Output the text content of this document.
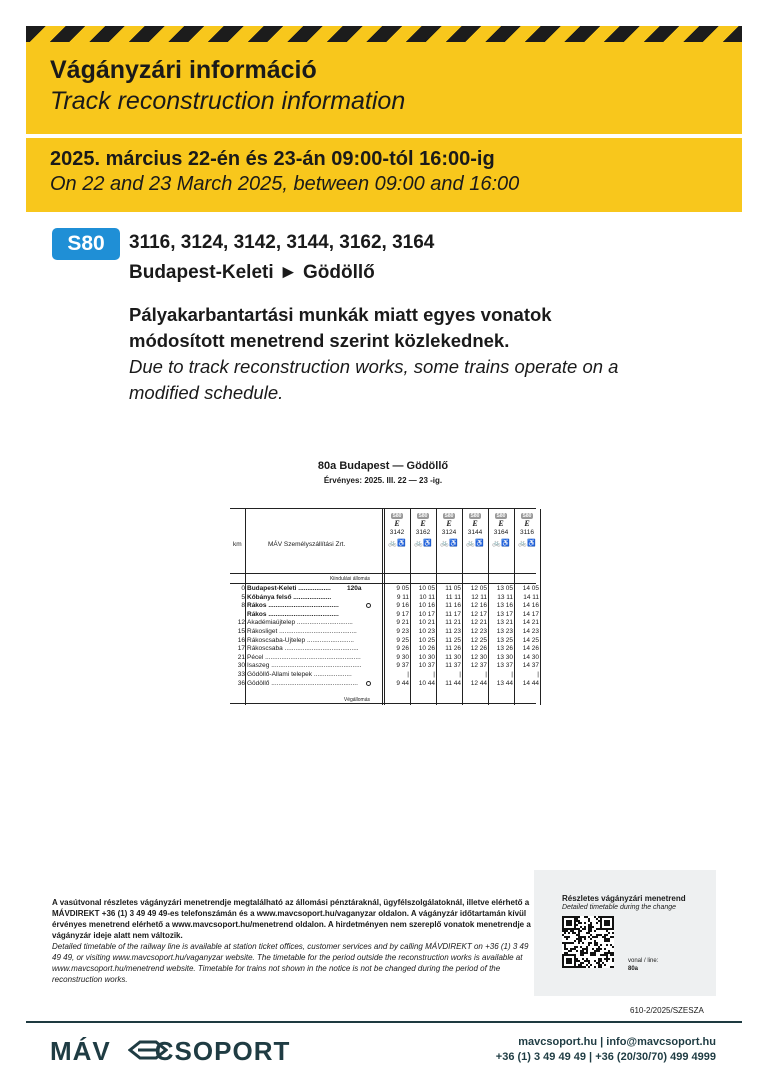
Vágányzári információ
Track reconstruction information
2025. március 22-én és 23-án 09:00-tól 16:00-ig
On 22 and 23 March 2025, between 09:00 and 16:00
S80	3116, 3124, 3142, 3144, 3162, 3164
Budapest-Keleti ► Gödöllő
Pályakarbantartási munkák miatt egyes vonatok módosított menetrend szerint közlekednek.
Due to track reconstruction works, some trains operate on a modified schedule.
80a Budapest — Gödöllő
Érvényes: 2025. III. 22 — 23 -ig.
km	MÁV Személyszállítási Zrt.
Kiindulási állomás
Végállomás
S80
E
3142
🚲♿
S80
E
3162
🚲♿
S80
E
3124
🚲♿
S80
E
3144
🚲♿
S80
E
3164
🚲♿
S80
E
3116
🚲♿
0 Budapest-Keleti ..................	120a	9 05	10 05	11 05	12 05	13 05	14 05
5 Kőbánya felső .....................	9 11	10 11	11 11	12 11	13 11	14 11
8 Rákos .......................................	9 16	10 16	11 16	12 16	13 16	14 16
Rákos .......................................	9 17	10 17	11 17	12 17	13 17	14 17
12 Akadémiaújtelep ...............................	9 21	10 21	11 21	12 21	13 21	14 21
15 Rákosliget ...........................................	9 23	10 23	11 23	12 23	13 23	14 23
16 Rákoscsaba-Újtelep ..........................	9 25	10 25	11 25	12 25	13 25	14 25
17 Rákoscsaba .........................................	9 26	10 26	11 26	12 26	13 26	14 26
21 Pécel .....................................................	9 30	10 30	11 30	12 30	13 30	14 30
30 Isaszeg ..................................................	9 37	10 37	11 37	12 37	13 37	14 37
33 Gödöllő-Állami telepek .....................	|	|	|	|	|	|
36 Gödöllő ................................................	9 44	10 44	11 44	12 44	13 44	14 44
Részletes vágányzári menetrend
Detailed timetable during the change
vonal / line:
80a
A vasútvonal részletes vágányzári menetrendje megtalálható az állomási pénztáraknál, ügyfélszolgálatoknál, illetve elérhető a MÁVDIREKT +36 (1) 3 49 49 49-es telefonszámán és a www.mavcsoport.hu/vaganyzar oldalon. A vágányzár időtartamán kívül érvényes menetrend elérhető a www.mavcsoport.hu/menetrend oldalon. A hirdetményen nem szereplő vonatok menetrendje a vágányzár ideje alatt nem változik.
Detailed timetable of the railway line is available at station ticket offices, customer services and by calling MÁVDIREKT on +36 (1) 3 49 49 49, or visiting www.mavcsoport.hu/vaganyzar website. The timetable for the period outside the reconstruction works is available at www.mavcsoport.hu/menetrend website. Timetable for trains not shown in the notice is not be changed during the period of the reconstruction works.
610-2/2025/SZESZA
MÁV CSOPORT	mavcsoport.hu | info@mavcsoport.hu
+36 (1) 3 49 49 49 | +36 (20/30/70) 499 4999
